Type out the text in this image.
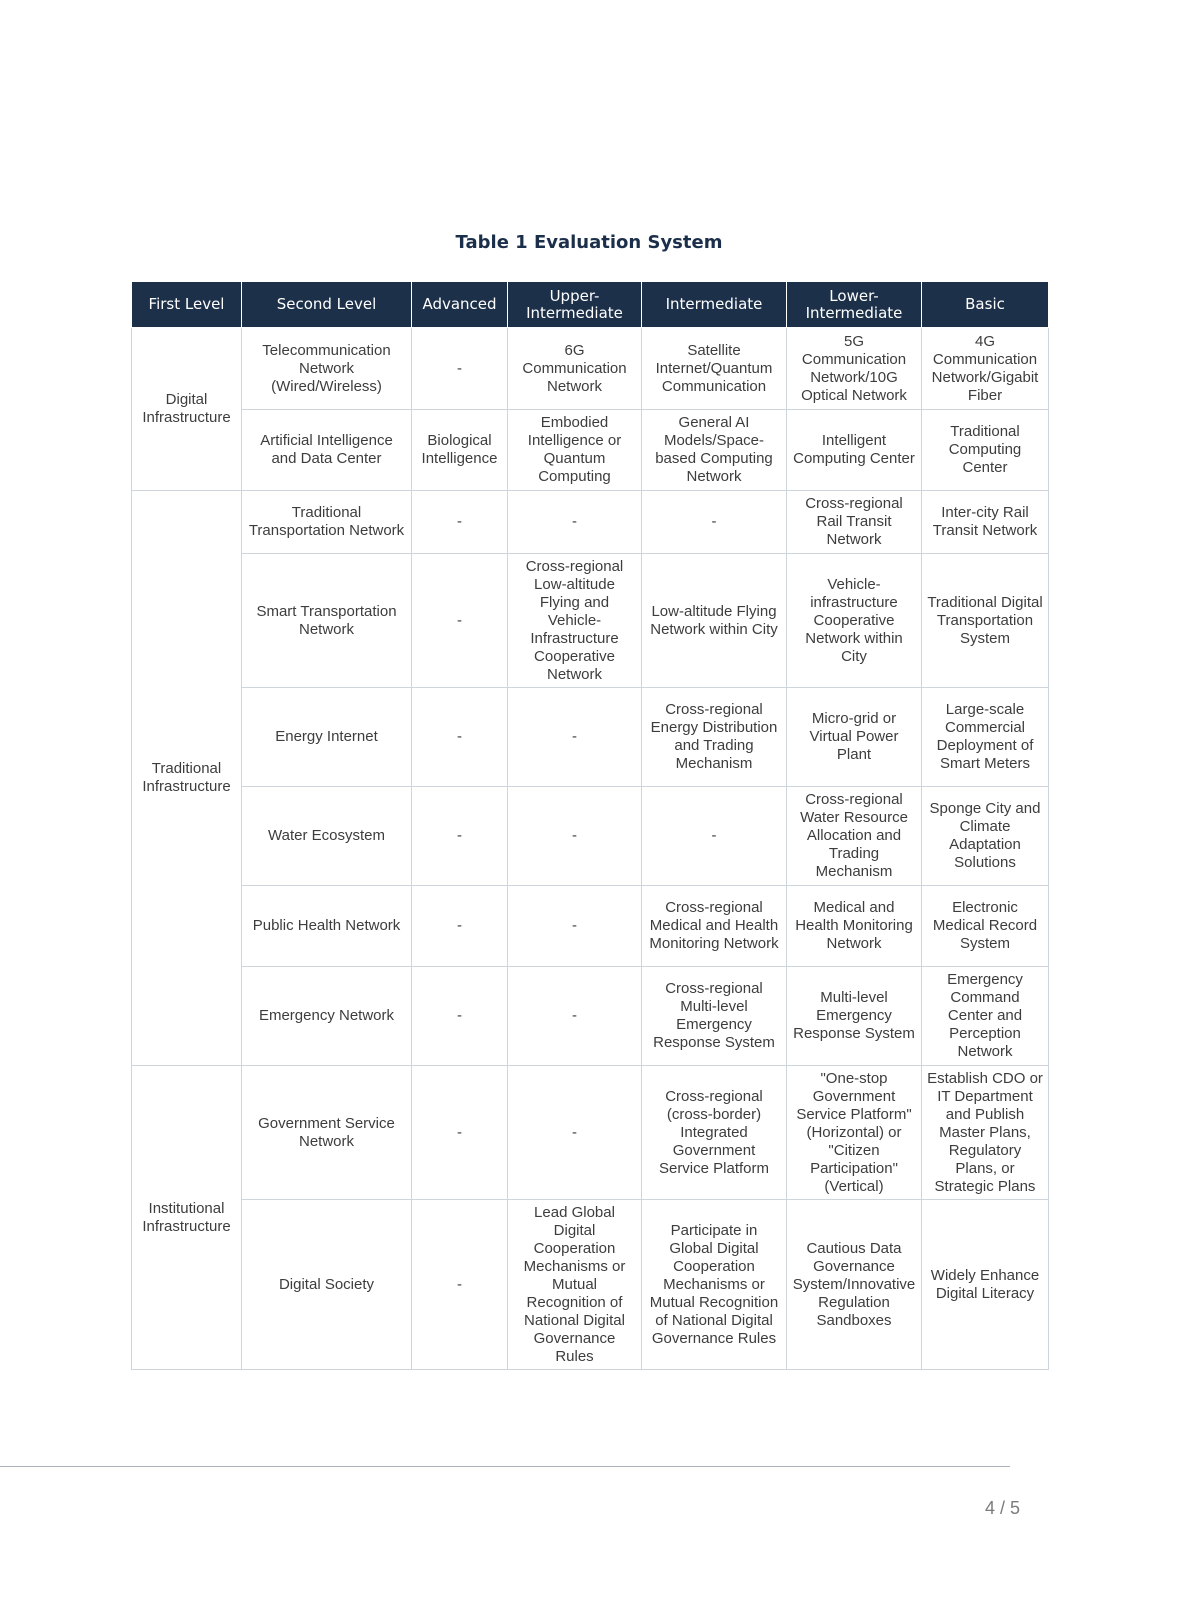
Table 1 Evaluation System
First Level	Second Level	Advanced	Upper-Intermediate	Intermediate	Lower-Intermediate	Basic
Digital Infrastructure	Telecommunication Network (Wired/Wireless)	-	6G Communication Network	Satellite Internet/Quantum Communication	5G Communication Network/10G Optical Network	4G Communication Network/Gigabit Fiber
	Artificial Intelligence and Data Center	Biological Intelligence	Embodied Intelligence or Quantum Computing	General AI Models/Space-based Computing Network	Intelligent Computing Center	Traditional Computing Center
Traditional Infrastructure	Traditional Transportation Network	-	-	-	Cross-regional Rail Transit Network	Inter-city Rail Transit Network
	Smart Transportation Network	-	Cross-regional Low-altitude Flying and Vehicle-Infrastructure Cooperative Network	Low-altitude Flying Network within City	Vehicle-infrastructure Cooperative Network within City	Traditional Digital Transportation System
	Energy Internet	-	-	Cross-regional Energy Distribution and Trading Mechanism	Micro-grid or Virtual Power Plant	Large-scale Commercial Deployment of Smart Meters
	Water Ecosystem	-	-	-	Cross-regional Water Resource Allocation and Trading Mechanism	Sponge City and Climate Adaptation Solutions
	Public Health Network	-	-	Cross-regional Medical and Health Monitoring Network	Medical and Health Monitoring Network	Electronic Medical Record System
	Emergency Network	-	-	Cross-regional Multi-level Emergency Response System	Multi-level Emergency Response System	Emergency Command Center and Perception Network
Institutional Infrastructure	Government Service Network	-	-	Cross-regional (cross-border) Integrated Government Service Platform	"One-stop Government Service Platform" (Horizontal) or "Citizen Participation" (Vertical)	Establish CDO or IT Department and Publish Master Plans, Regulatory Plans, or Strategic Plans
	Digital Society	-	Lead Global Digital Cooperation Mechanisms or Mutual Recognition of National Digital Governance Rules	Participate in Global Digital Cooperation Mechanisms or Mutual Recognition of National Digital Governance Rules	Cautious Data Governance System/Innovative Regulation Sandboxes	Widely Enhance Digital Literacy
4 / 5
